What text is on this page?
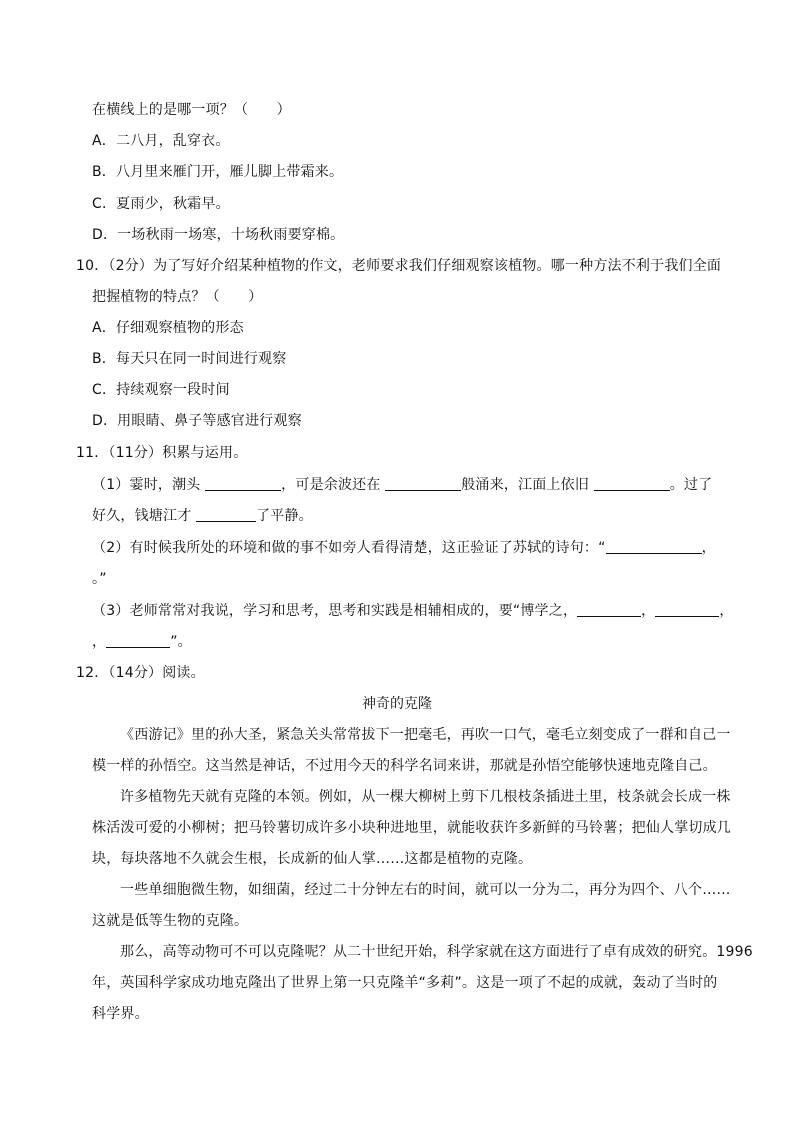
在横线上的是哪一项？（　　）
A．二八月，乱穿衣。
B．八月里来雁门开，雁儿脚上带霜来。
C．夏雨少，秋霜早。
D．一场秋雨一场寒，十场秋雨要穿棉。
10．（2分）为了写好介绍某种植物的作文，老师要求我们仔细观察该植物。哪一种方法不利于我们全面
把握植物的特点？（　　）
A．仔细观察植物的形态
B．每天只在同一时间进行观察
C．持续观察一段时间
D．用眼睛、鼻子等感官进行观察
11．（11分）积累与运用。
（1）霎时，潮头	，可是余波还在	般涌来，江面上依旧	。过了
好久，钱塘江才	了平静。
（2）有时候我所处的环境和做的事不如旁人看得清楚，这正验证了苏轼的诗句：“	，
。”
（3）老师常常对我说，学习和思考，思考和实践是相辅相成的，要“博学之，	，	，
，	”。
12．（14分）阅读。
神奇的克隆
《西游记》里的孙大圣，紧急关头常常拔下一把毫毛，再吹一口气，毫毛立刻变成了一群和自己一
模一样的孙悟空。这当然是神话，不过用今天的科学名词来讲，那就是孙悟空能够快速地克隆自己。
许多植物先天就有克隆的本领。例如，从一棵大柳树上剪下几根枝条插进土里，枝条就会长成一株
株活泼可爱的小柳树；把马铃薯切成许多小块种进地里，就能收获许多新鲜的马铃薯；把仙人掌切成几
块，每块落地不久就会生根，长成新的仙人掌……这都是植物的克隆。
一些单细胞微生物，如细菌，经过二十分钟左右的时间，就可以一分为二，再分为四个、八个……
这就是低等生物的克隆。
那么，高等动物可不可以克隆呢？从二十世纪开始，科学家就在这方面进行了卓有成效的研究。1996
年，英国科学家成功地克隆出了世界上第一只克隆羊“多莉”。这是一项了不起的成就，轰动了当时的
科学界。
